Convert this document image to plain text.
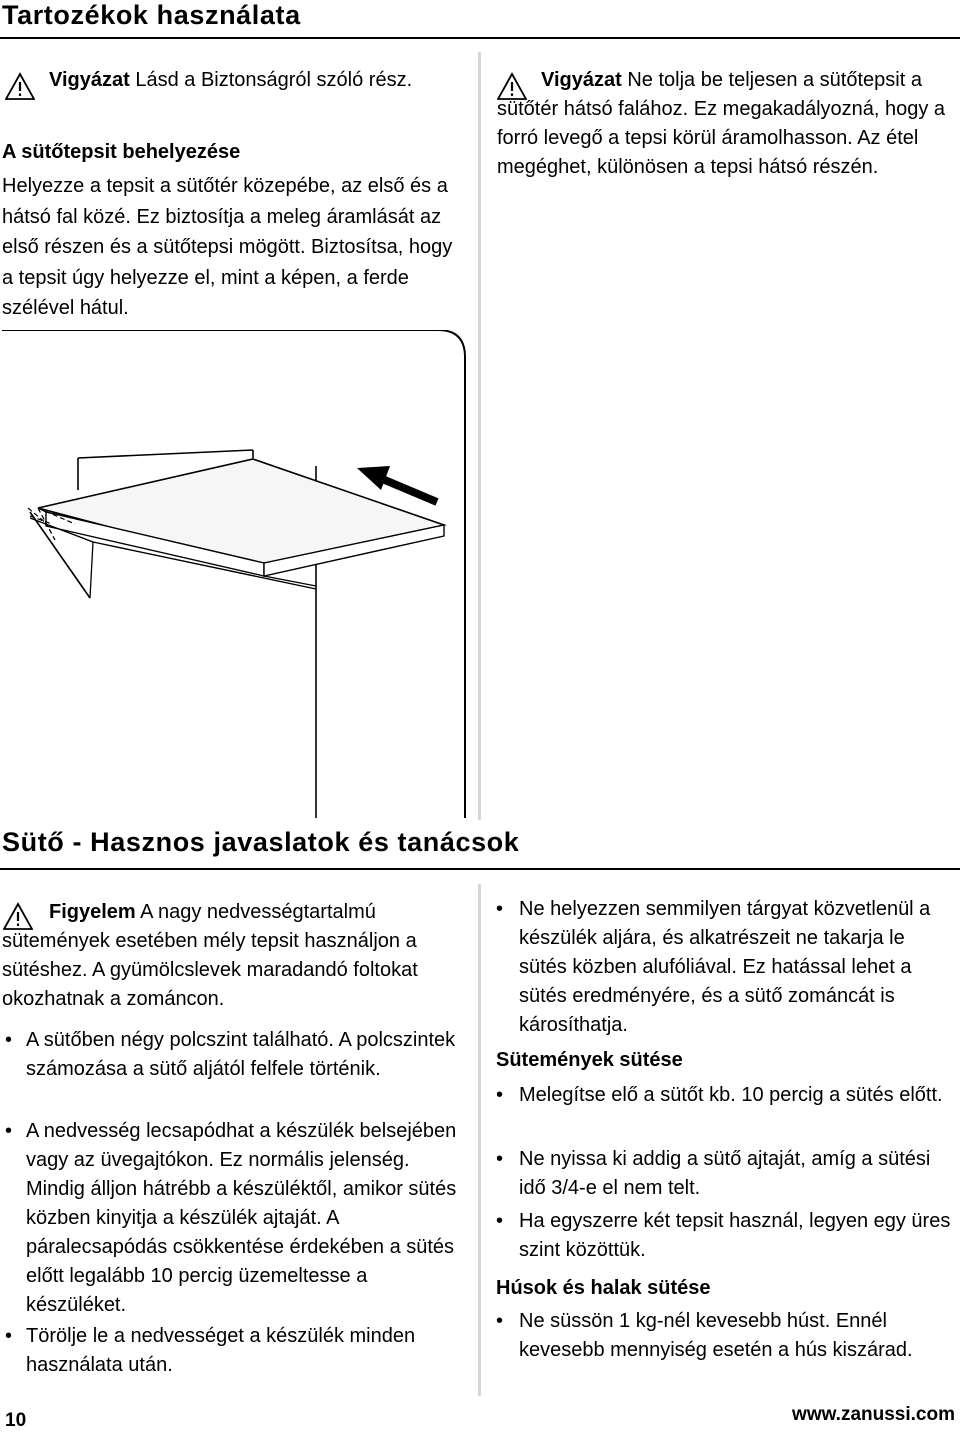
Tartozékok használata
Vigyázat Lásd a Biztonságról szóló rész.
A sütőtepsit behelyezése
Helyezze a tepsit a sütőtér közepébe, az első és a hátsó fal közé. Ez biztosítja a meleg áramlását az első részen és a sütőtepsi mögött. Biztosítsa, hogy a tepsit úgy helyezze el, mint a képen, a ferde szélével hátul.
Vigyázat Ne tolja be teljesen a sütőtepsit a sütőtér hátsó falához. Ez megakadályozná, hogy a forró levegő a tepsi körül áramolhasson. Az étel megéghet, különösen a tepsi hátsó részén.
Sütő - Hasznos javaslatok és tanácsok
Figyelem A nagy nedvességtartalmú sütemények esetében mély tepsit használjon a sütéshez. A gyümölcslevek maradandó foltokat okozhatnak a zománcon.
• A sütőben négy polcszint található. A polcszintek számozása a sütő aljától felfele történik.
• A nedvesség lecsapódhat a készülék belsejében vagy az üvegajtókon. Ez normális jelenség. Mindig álljon hátrébb a készüléktől, amikor sütés közben kinyitja a készülék ajtaját. A páralecsapódás csökkentése érdekében a sütés előtt legalább 10 percig üzemeltesse a készüléket.
• Törölje le a nedvességet a készülék minden használata után.
• Ne helyezzen semmilyen tárgyat közvetlenül a készülék aljára, és alkatrészeit ne takarja le sütés közben alufóliával. Ez hatással lehet a sütés eredményére, és a sütő zománcát is károsíthatja.
Sütemények sütése
• Melegítse elő a sütőt kb. 10 percig a sütés előtt.
• Ne nyissa ki addig a sütő ajtaját, amíg a sütési idő 3/4-e el nem telt.
• Ha egyszerre két tepsit használ, legyen egy üres szint közöttük.
Húsok és halak sütése
• Ne süssön 1 kg-nél kevesebb húst. Ennél kevesebb mennyiség esetén a hús kiszárad.
10	www.zanussi.com
